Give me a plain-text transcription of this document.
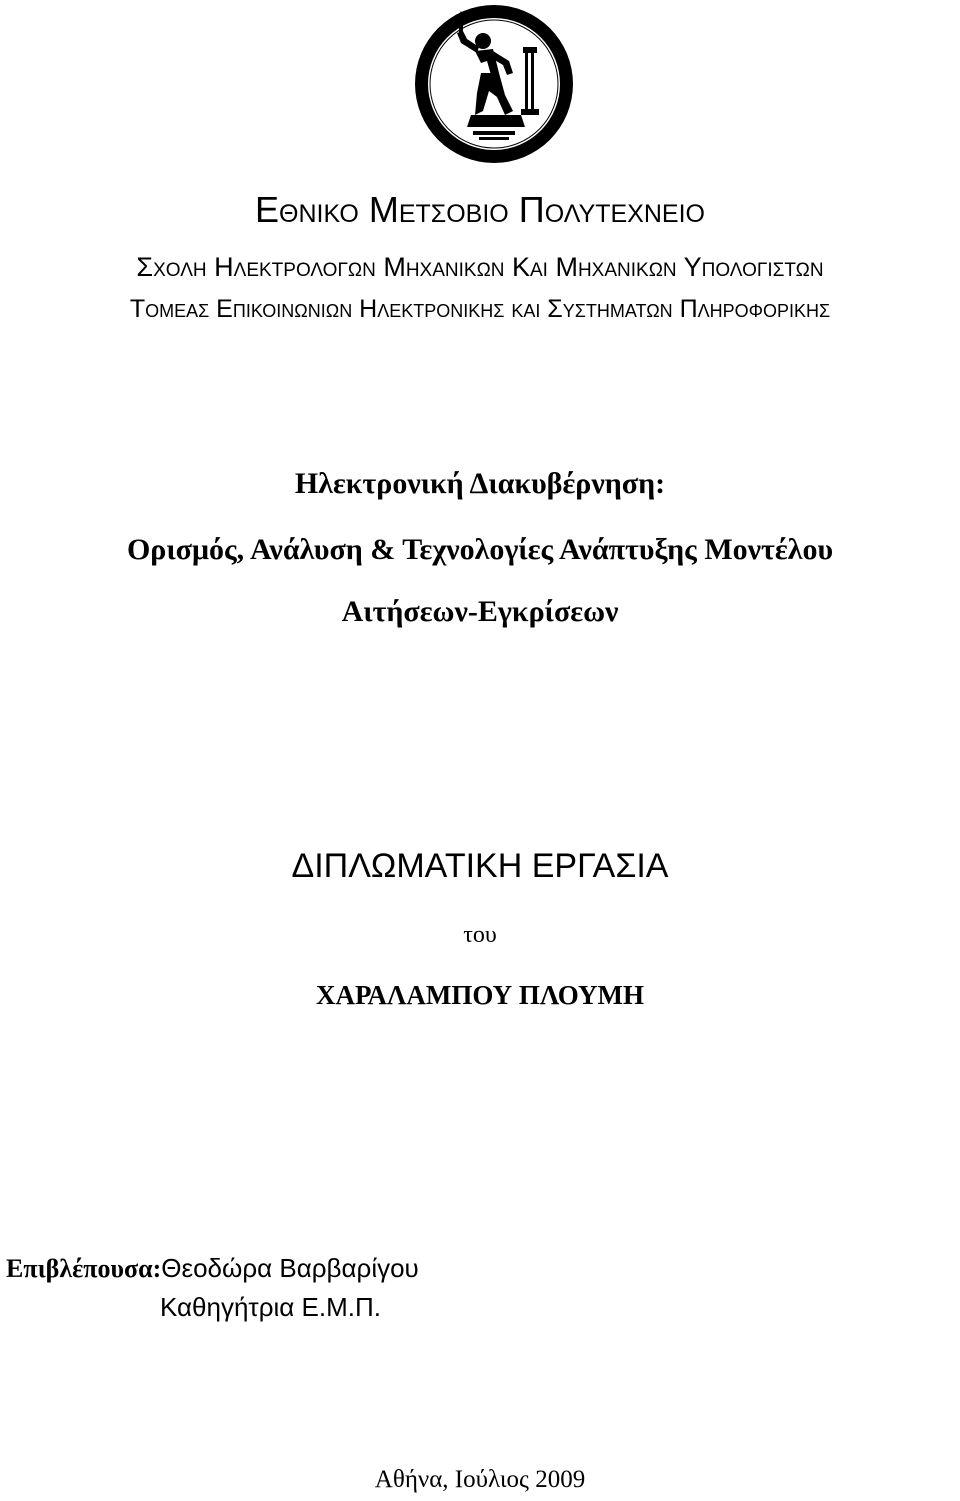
Εθνικο Μετσοβιο Πολυτεχνειο
Σχολη Ηλεκτρολογων Μηχανικων Και Μηχανικων Υπολογιστων
Τομεας Επικοινωνιων Ηλεκτρονικης και Συστηματων Πληροφορικης
Ηλεκτρονική Διακυβέρνηση:
Ορισμός, Ανάλυση & Τεχνολογίες Ανάπτυξης Μοντέλου
Αιτήσεων-Εγκρίσεων
ΔΙΠΛΩΜΑΤΙΚΗ ΕΡΓΑΣΙΑ
του
ΧΑΡΑΛΑΜΠΟΥ ΠΛΟΥΜΗ
Επιβλέπουσα:Θεοδώρα Βαρβαρίγου
Καθηγήτρια Ε.Μ.Π.
Αθήνα, Ιούλιος 2009
